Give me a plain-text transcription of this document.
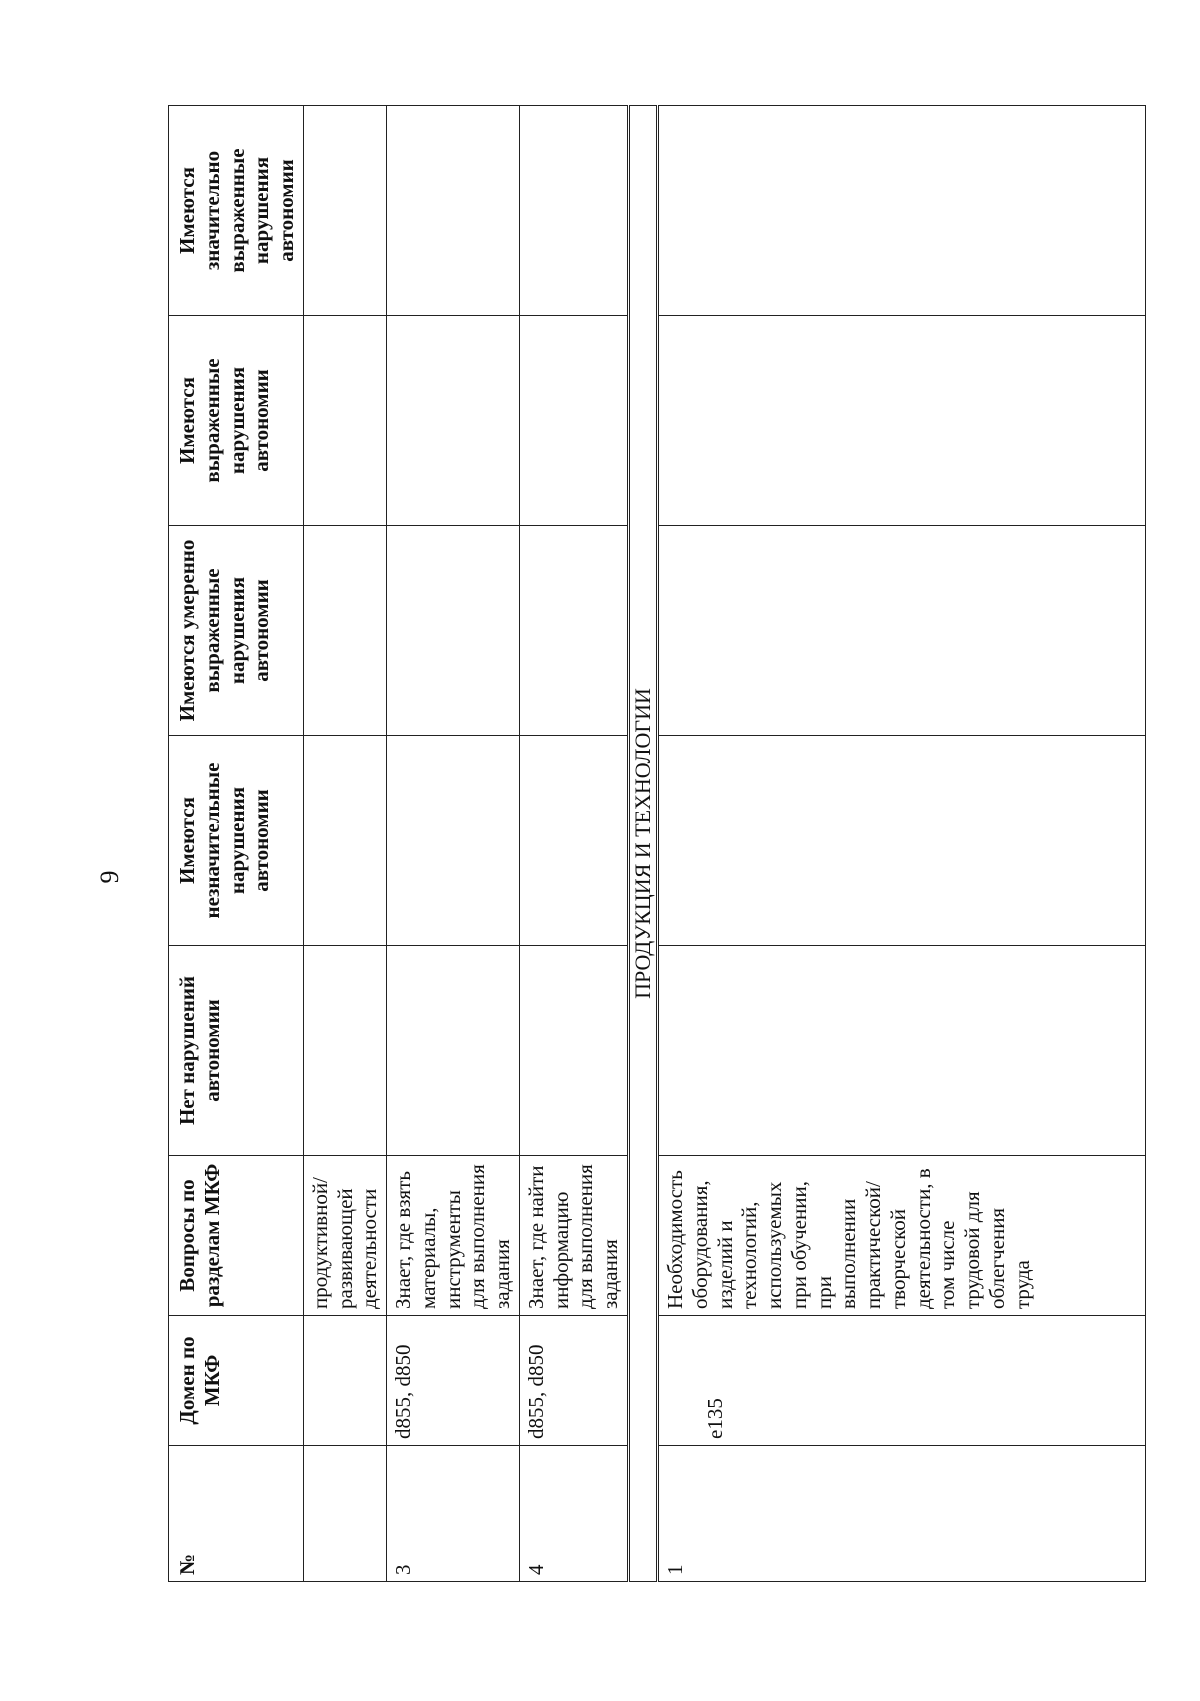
9
№	Домен по МКФ	Вопросы по разделам МКФ	Нет нарушений автономии	Имеются незначительные нарушения автономии	Имеются умеренно выраженные нарушения автономии	Имеются выраженные нарушения автономии	Имеются значительно выраженные нарушения автономии
		продуктивной/ развивающей деятельности					
3	d855, d850	Знает, где взять материалы, инструменты для выполнения задания					
4	d855, d850	Знает, где найти информацию для выполнения задания					
ПРОДУКЦИЯ И ТЕХНОЛОГИИ							
1	e135	Необходимость оборудования, изделий и технологий, используемых при обучении, при выполнении практической/ творческой деятельности, в том числе трудовой для облегчения труда					
